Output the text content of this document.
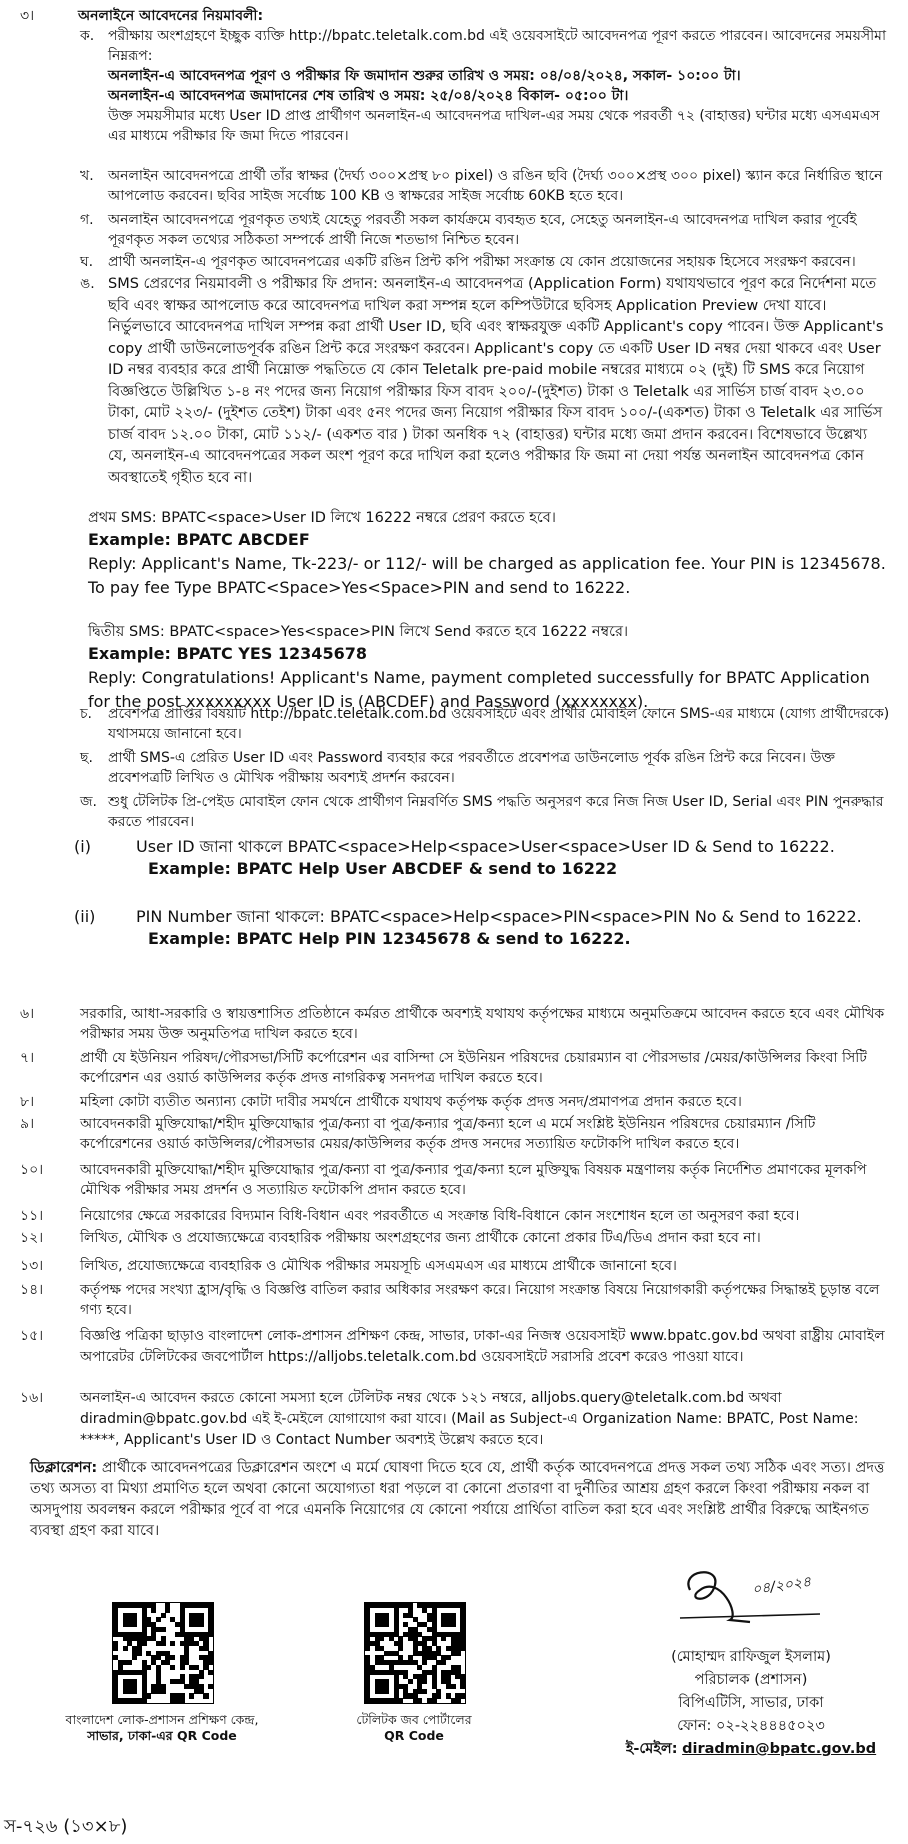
৩।	অনলাইনে আবেদনের নিয়মাবলী:
ক. পরীক্ষায় অংশগ্রহণে ইচ্ছুক ব্যক্তি http://bpatc.teletalk.com.bd এই ওয়েবসাইটে আবেদনপত্র পূরণ করতে পারবেন। আবেদনের সময়সীমা নিম্নরূপ:
অনলাইন-এ আবেদনপত্র পূরণ ও পরীক্ষার ফি জমাদান শুরুর তারিখ ও সময়: ০৪/০৪/২০২৪, সকাল- ১০:০০ টা।
অনলাইন-এ আবেদনপত্র জমাদানের শেষ তারিখ ও সময়: ২৫/০৪/২০২৪ বিকাল- ০৫:০০ টা।
উক্ত সময়সীমার মধ্যে User ID প্রাপ্ত প্রার্থীগণ অনলাইন-এ আবেদনপত্র দাখিল-এর সময় থেকে পরবর্তী ৭২ (বাহাত্তর) ঘন্টার মধ্যে এসএমএস এর মাধ্যমে পরীক্ষার ফি জমা দিতে পারবেন।
খ.	অনলাইন আবেদনপত্রে প্রার্থী তাঁর স্বাক্ষর (দৈর্ঘ্য ৩০০×প্রস্থ ৮০ pixel) ও রঙিন ছবি (দৈর্ঘ্য ৩০০×প্রস্থ ৩০০ pixel) স্ক্যান করে নির্ধারিত স্থানে আপলোড করবেন। ছবির সাইজ সর্বোচ্চ 100 KB ও স্বাক্ষরের সাইজ সর্বোচ্চ 60KB হতে হবে।
গ.	অনলাইন আবেদনপত্রে পূরণকৃত তথ্যই যেহেতু পরবর্তী সকল কার্যক্রমে ব্যবহৃত হবে, সেহেতু অনলাইন-এ আবেদনপত্র দাখিল করার পূর্বেই পূরণকৃত সকল তথ্যের সঠিকতা সম্পর্কে প্রার্থী নিজে শতভাগ নিশ্চিত হবেন।
ঘ.	প্রার্থী অনলাইন-এ পূরণকৃত আবেদনপত্রের একটি রঙিন প্রিন্ট কপি পরীক্ষা সংক্রান্ত যে কোন প্রয়োজনের সহায়ক হিসেবে সংরক্ষণ করবেন।
ঙ. SMS প্রেরণের নিয়মাবলী ও পরীক্ষার ফি প্রদান: অনলাইন-এ আবেদনপত্র (Application Form) যথাযথভাবে পূরণ করে নির্দেশনা মতে ছবি এবং স্বাক্ষর আপলোড করে আবেদনপত্র দাখিল করা সম্পন্ন হলে কম্পিউটারে ছবিসহ Application Preview দেখা যাবে। নির্ভুলভাবে আবেদনপত্র দাখিল সম্পন্ন করা প্রার্থী User ID, ছবি এবং স্বাক্ষরযুক্ত একটি Applicant's copy পাবেন। উক্ত Applicant's copy প্রার্থী ডাউনলোডপূর্বক রঙিন প্রিন্ট করে সংরক্ষণ করবেন। Applicant's copy তে একটি User ID নম্বর দেয়া থাকবে এবং User ID নম্বর ব্যবহার করে প্রার্থী নিম্নোক্ত পদ্ধতিতে যে কোন Teletalk pre-paid mobile নম্বরের মাধ্যমে ০২ (দুই) টি SMS করে নিয়োগ বিজ্ঞপ্তিতে উল্লিখিত ১-৪ নং পদের জন্য নিয়োগ পরীক্ষার ফিস বাবদ ২০০/-(দুইশত) টাকা ও Teletalk এর সার্ভিস চার্জ বাবদ ২৩.০০ টাকা, মোট ২২৩/- (দুইশত তেইশ) টাকা এবং ৫নং পদের জন্য নিয়োগ পরীক্ষার ফিস বাবদ ১০০/-(একশত) টাকা ও Teletalk এর সার্ভিস চার্জ বাবদ ১২.০০ টাকা, মোট ১১২/- (একশত বার ) টাকা অনধিক ৭২ (বাহাত্তর) ঘন্টার মধ্যে জমা প্রদান করবেন। বিশেষভাবে উল্লেখ্য যে, অনলাইন-এ আবেদনপত্রের সকল অংশ পূরণ করে দাখিল করা হলেও পরীক্ষার ফি জমা না দেয়া পর্যন্ত অনলাইন আবেদনপত্র কোন অবস্থাতেই গৃহীত হবে না।
প্রথম SMS: BPATC<space>User ID লিখে 16222 নম্বরে প্রেরণ করতে হবে।
Example: BPATC ABCDEF
Reply: Applicant's Name, Tk-223/- or 112/- will be charged as application fee. Your PIN is 12345678. To pay fee Type BPATC<Space>Yes<Space>PIN and send to 16222.
দ্বিতীয় SMS: BPATC<space>Yes<space>PIN লিখে Send করতে হবে 16222 নম্বরে।
Example: BPATC YES 12345678
Reply: Congratulations! Applicant's Name, payment completed successfully for BPATC Application for the post xxxxxxxxx User ID is (ABCDEF) and Password (xxxxxxxx).
চ.	প্রবেশপত্র প্রাপ্তির বিষয়টি http://bpatc.teletalk.com.bd ওয়েবসাইটে এবং প্রার্থীর মোবাইল ফোনে SMS-এর মাধ্যমে (যোগ্য প্রার্থীদেরকে) যথাসময়ে জানানো হবে।
ছ.	প্রার্থী SMS-এ প্রেরিত User ID এবং Password ব্যবহার করে পরবর্তীতে প্রবেশপত্র ডাউনলোড পূর্বক রঙিন প্রিন্ট করে নিবেন। উক্ত প্রবেশপত্রটি লিখিত ও মৌখিক পরীক্ষায় অবশ্যই প্রদর্শন করবেন।
জ. শুধু টেলিটক প্রি-পেইড মোবাইল ফোন থেকে প্রার্থীগণ নিম্নবর্ণিত SMS পদ্ধতি অনুসরণ করে নিজ নিজ User ID, Serial এবং PIN পুনরুদ্ধার করতে পারবেন।
(i)	User ID জানা থাকলে BPATC<space>Help<space>User<space>User ID & Send to 16222.
Example: BPATC Help User ABCDEF & send to 16222
(ii)	PIN Number জানা থাকলে: BPATC<space>Help<space>PIN<space>PIN No & Send to 16222.
Example: BPATC Help PIN 12345678 & send to 16222.
৬।	সরকারি, আধা-সরকারি ও স্বায়ত্তশাসিত প্রতিষ্ঠানে কর্মরত প্রার্থীকে অবশ্যই যথাযথ কর্তৃপক্ষের মাধ্যমে অনুমতিক্রমে আবেদন করতে হবে এবং মৌখিক পরীক্ষার সময় উক্ত অনুমতিপত্র দাখিল করতে হবে।
৭।	প্রার্থী যে ইউনিয়ন পরিষদ/পৌরসভা/সিটি কর্পোরেশন এর বাসিন্দা সে ইউনিয়ন পরিষদের চেয়ারম্যান বা পৌরসভার /মেয়র/কাউন্সিলর কিংবা সিটি কর্পোরেশন এর ওয়ার্ড কাউন্সিলর কর্তৃক প্রদত্ত নাগরিকত্ব সনদপত্র দাখিল করতে হবে।
৮।	মহিলা কোটা ব্যতীত অন্যান্য কোটা দাবীর সমর্থনে প্রার্থীকে যথাযথ কর্তৃপক্ষ কর্তৃক প্রদত্ত সনদ/প্রমাণপত্র প্রদান করতে হবে।
৯।	আবেদনকারী মুক্তিযোদ্ধা/শহীদ মুক্তিযোদ্ধার পুত্র/কন্যা বা পুত্র/কন্যার পুত্র/কন্যা হলে এ মর্মে সংশ্লিষ্ট ইউনিয়ন পরিষদের চেয়ারম্যান /সিটি কর্পোরেশনের ওয়ার্ড কাউন্সিলর/পৌরসভার মেয়র/কাউন্সিলর কর্তৃক প্রদত্ত সনদের সত্যায়িত ফটোকপি দাখিল করতে হবে।
১০।	আবেদনকারী মুক্তিযোদ্ধা/শহীদ মুক্তিযোদ্ধার পুত্র/কন্যা বা পুত্র/কন্যার পুত্র/কন্যা হলে মুক্তিযুদ্ধ বিষয়ক মন্ত্রণালয় কর্তৃক নির্দেশিত প্রমাণকের মূলকপি মৌখিক পরীক্ষার সময় প্রদর্শন ও সত্যায়িত ফটোকপি প্রদান করতে হবে।
১১।	নিয়োগের ক্ষেত্রে সরকারের বিদ্যমান বিধি-বিধান এবং পরবর্তীতে এ সংক্রান্ত বিধি-বিধানে কোন সংশোধন হলে তা অনুসরণ করা হবে।
১২।	লিখিত, মৌখিক ও প্রযোজ্যক্ষেত্রে ব্যবহারিক পরীক্ষায় অংশগ্রহণের জন্য প্রার্থীকে কোনো প্রকার টিএ/ডিএ প্রদান করা হবে না।
১৩।	লিখিত, প্রযোজ্যক্ষেত্রে ব্যবহারিক ও মৌখিক পরীক্ষার সময়সূচি এসএমএস এর মাধ্যমে প্রার্থীকে জানানো হবে।
১৪।	কর্তৃপক্ষ পদের সংখ্যা হ্রাস/বৃদ্ধি ও বিজ্ঞপ্তি বাতিল করার অধিকার সংরক্ষণ করে। নিয়োগ সংক্রান্ত বিষয়ে নিয়োগকারী কর্তৃপক্ষের সিদ্ধান্তই চূড়ান্ত বলে গণ্য হবে।
১৫।	বিজ্ঞপ্তি পত্রিকা ছাড়াও বাংলাদেশ লোক-প্রশাসন প্রশিক্ষণ কেন্দ্র, সাভার, ঢাকা-এর নিজস্ব ওয়েবসাইট www.bpatc.gov.bd অথবা রাষ্ট্রীয় মোবাইল অপারেটর টেলিটকের জবপোর্টাল https://alljobs.teletalk.com.bd ওয়েবসাইটে সরাসরি প্রবেশ করেও পাওয়া যাবে।
১৬।	অনলাইন-এ আবেদন করতে কোনো সমস্যা হলে টেলিটক নম্বর থেকে ১২১ নম্বরে, alljobs.query@teletalk.com.bd অথবা diradmin@bpatc.gov.bd এই ই-মেইলে যোগাযোগ করা যাবে। (Mail as Subject-এ Organization Name: BPATC, Post Name: *****, Applicant's User ID ও Contact Number অবশ্যই উল্লেখ করতে হবে।
ডিক্লারেশন: প্রার্থীকে আবেদনপত্রের ডিক্লারেশন অংশে এ মর্মে ঘোষণা দিতে হবে যে, প্রার্থী কর্তৃক আবেদনপত্রে প্রদত্ত সকল তথ্য সঠিক এবং সত্য। প্রদত্ত তথ্য অসত্য বা মিথ্যা প্রমাণিত হলে অথবা কোনো অযোগ্যতা ধরা পড়লে বা কোনো প্রতারণা বা দুর্নীতির আশ্রয় গ্রহণ করলে কিংবা পরীক্ষায় নকল বা অসদুপায় অবলম্বন করলে পরীক্ষার পূর্বে বা পরে এমনকি নিয়োগের যে কোনো পর্যায়ে প্রার্থিতা বাতিল করা হবে এবং সংশ্লিষ্ট প্রার্থীর বিরুদ্ধে আইনগত ব্যবস্থা গ্রহণ করা যাবে।
বাংলাদেশ লোক-প্রশাসন প্রশিক্ষণ কেন্দ্র,
সাভার, ঢাকা-এর QR Code
টেলিটক জব পোর্টালের
QR Code
০৪/২০২৪
(মোহাম্মদ রাফিজুল ইসলাম)
পরিচালক (প্রশাসন)
বিপিএটিসি, সাভার, ঢাকা
ফোন: ০২-২২৪৪৪৫০২৩
ই-মেইল: diradmin@bpatc.gov.bd
স-৭২৬ (১৩×৮)
